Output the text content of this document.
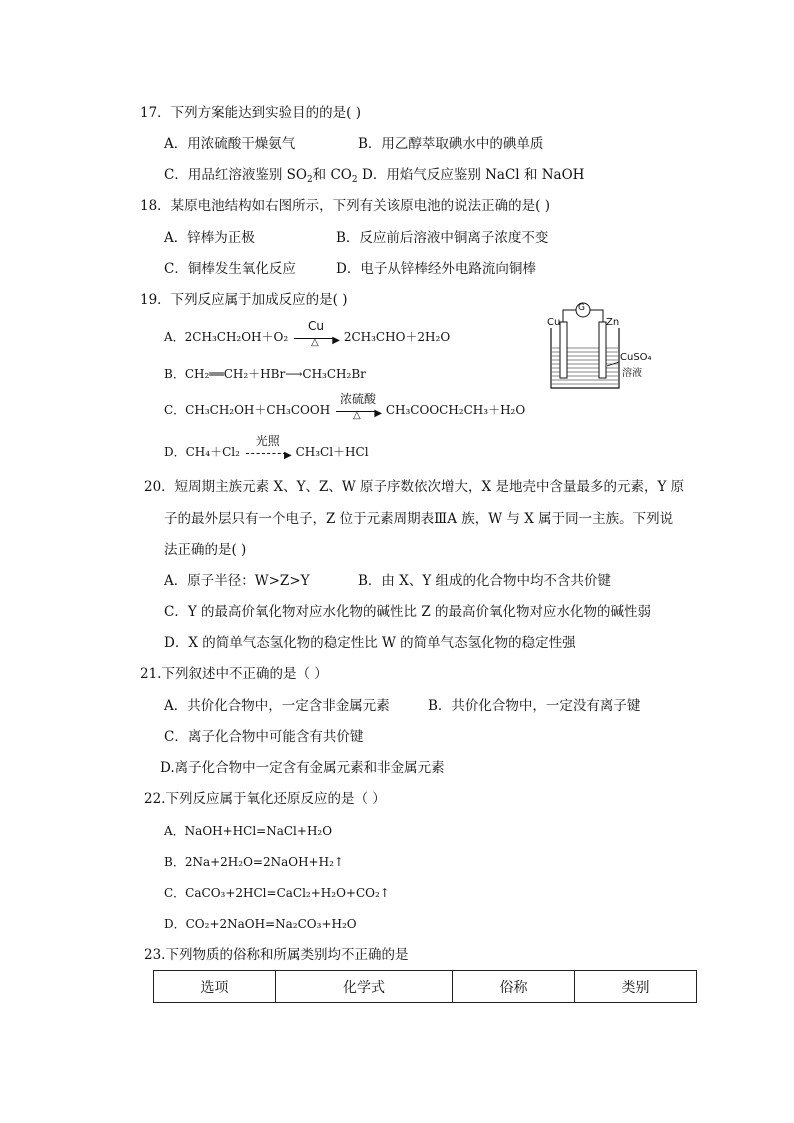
17．下列方案能达到实验目的的是( )
A．用浓硫酸干燥氨气	B．用乙醇萃取碘水中的碘单质
C．用品红溶液鉴别 $SO_2$和 $CO_2$ D．用焰气反应鉴别 NaCl 和 NaOH
18．某原电池结构如右图所示，下列有关该原电池的说法正确的是( )
A．锌棒为正极	B．反应前后溶液中铜离子浓度不变
C．铜棒发生氧化反应	D．电子从锌棒经外电路流向铜棒
19．下列反应属于加成反应的是( )
A．2CH₃CH₂OH＋O₂
Cu
△ ▶ 2CH₃CHO＋2H₂O
B．CH₂══CH₂＋HBr⟶CH₃CH₂Br
C．CH₃CH₂OH＋CH₃COOH
浓硫酸
△ ▶ CH₃COOCH₂CH₃＋H₂O
D．CH₄＋Cl₂
光照
▶ CH₃Cl＋HCl
G
Cu	Zn
CuSO₄
溶液
20．短周期主族元素 X、Y、Z、W 原子序数依次增大，X 是地壳中含量最多的元素，Y 原
子的最外层只有一个电子，Z 位于元素周期表ⅢA 族，W 与 X 属于同一主族。下列说
法正确的是( )
A．原子半径：W>Z>Y	B．由 X、Y 组成的化合物中均不含共价键
C．Y 的最高价氧化物对应水化物的碱性比 Z 的最高价氧化物对应水化物的碱性弱
D．X 的简单气态氢化物的稳定性比 W 的简单气态氢化物的稳定性强
21.下列叙述中不正确的是（ ）
A．共价化合物中，一定含非金属元素	B．共价化合物中，一定没有离子键
C．离子化合物中可能含有共价键
D.离子化合物中一定含有金属元素和非金属元素
22.下列反应属于氧化还原反应的是（ ）
A．NaOH+HCl=NaCl+H₂O
B．2Na+2H₂O=2NaOH+H₂↑
C．CaCO₃+2HCl=CaCl₂+H₂O+CO₂↑
D．CO₂+2NaOH=Na₂CO₃+H₂O
23.下列物质的俗称和所属类别均不正确的是
选项	化学式	俗称	类别
